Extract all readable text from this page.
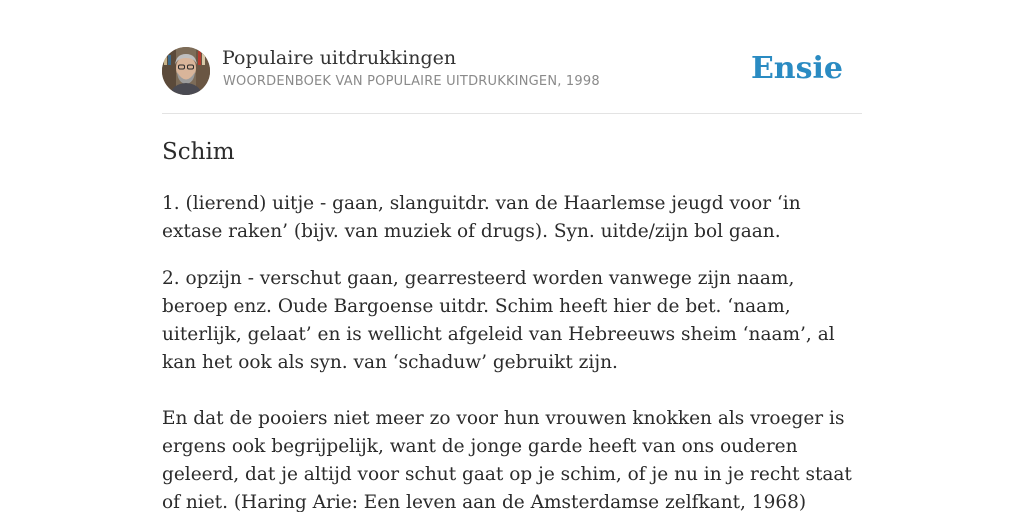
Populaire uitdrukkingen
WOORDENBOEK VAN POPULAIRE UITDRUKKINGEN, 1998	Ensie
Schim

1. (lierend) uitje - gaan, slanguitdr. van de Haarlemse jeugd voor ‘in extase raken’ (bijv. van muziek of drugs). Syn. uitde/zijn bol gaan.

2. opzijn - verschut gaan, gearresteerd worden vanwege zijn naam, beroep enz. Oude Bargoense uitdr. Schim heeft hier de bet. ‘naam, uiterlijk, gelaat’ en is wellicht afgeleid van Hebreeuws sheim ‘naam’, al kan het ook als syn. van ‘schaduw’ gebruikt zijn.

En dat de pooiers niet meer zo voor hun vrouwen knokken als vroeger is ergens ook begrijpelijk, want de jonge garde heeft van ons ouderen geleerd, dat je altijd voor schut gaat op je schim, of je nu in je recht staat of niet. (Haring Arie: Een leven aan de Amsterdamse zelfkant, 1968)
